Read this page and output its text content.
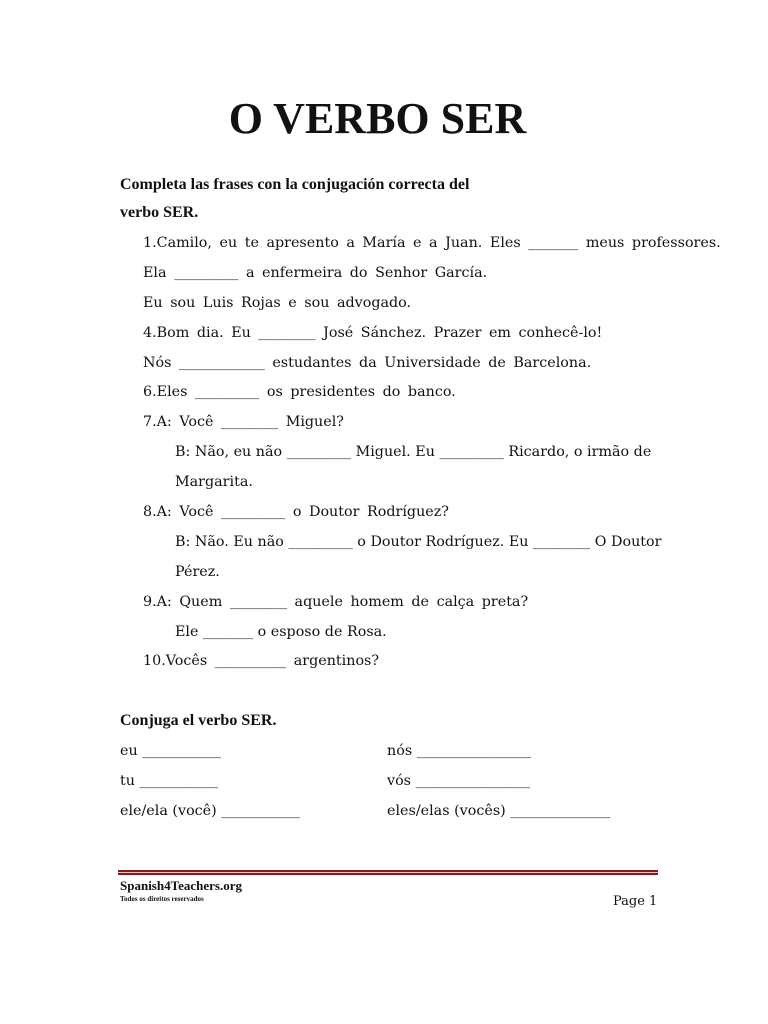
O VERBO SER

Completa las frases con la conjugación correcta del

verbo SER.

1.Camilo, eu te apresento a María e a Juan. Eles _______ meus professores.

Ela _________ a enfermeira do Senhor García.

Eu sou Luis Rojas e sou advogado.

4.Bom dia. Eu ________ José Sánchez. Prazer em conhecê-lo!

Nós ____________ estudantes da Universidade de Barcelona.

6.Eles _________ os presidentes do banco.

7.A: Você ________ Miguel?

B: Não, eu não _________ Miguel. Eu _________ Ricardo, o irmão de

Margarita.

8.A: Você _________ o Doutor Rodríguez?

B: Não. Eu não _________ o Doutor Rodríguez. Eu ________ O Doutor

Pérez.

9.A: Quem ________ aquele homem de calça preta?

Ele _______ o esposo de Rosa.

10.Vocês __________ argentinos?

Conjuga el verbo SER.

eu ___________
tu ___________
ele/ela (você) ___________
nós ________________
vós ________________
eles/elas (vocês) ______________
Spanish4Teachers.org
Todos os direitos reservados	Page 1
